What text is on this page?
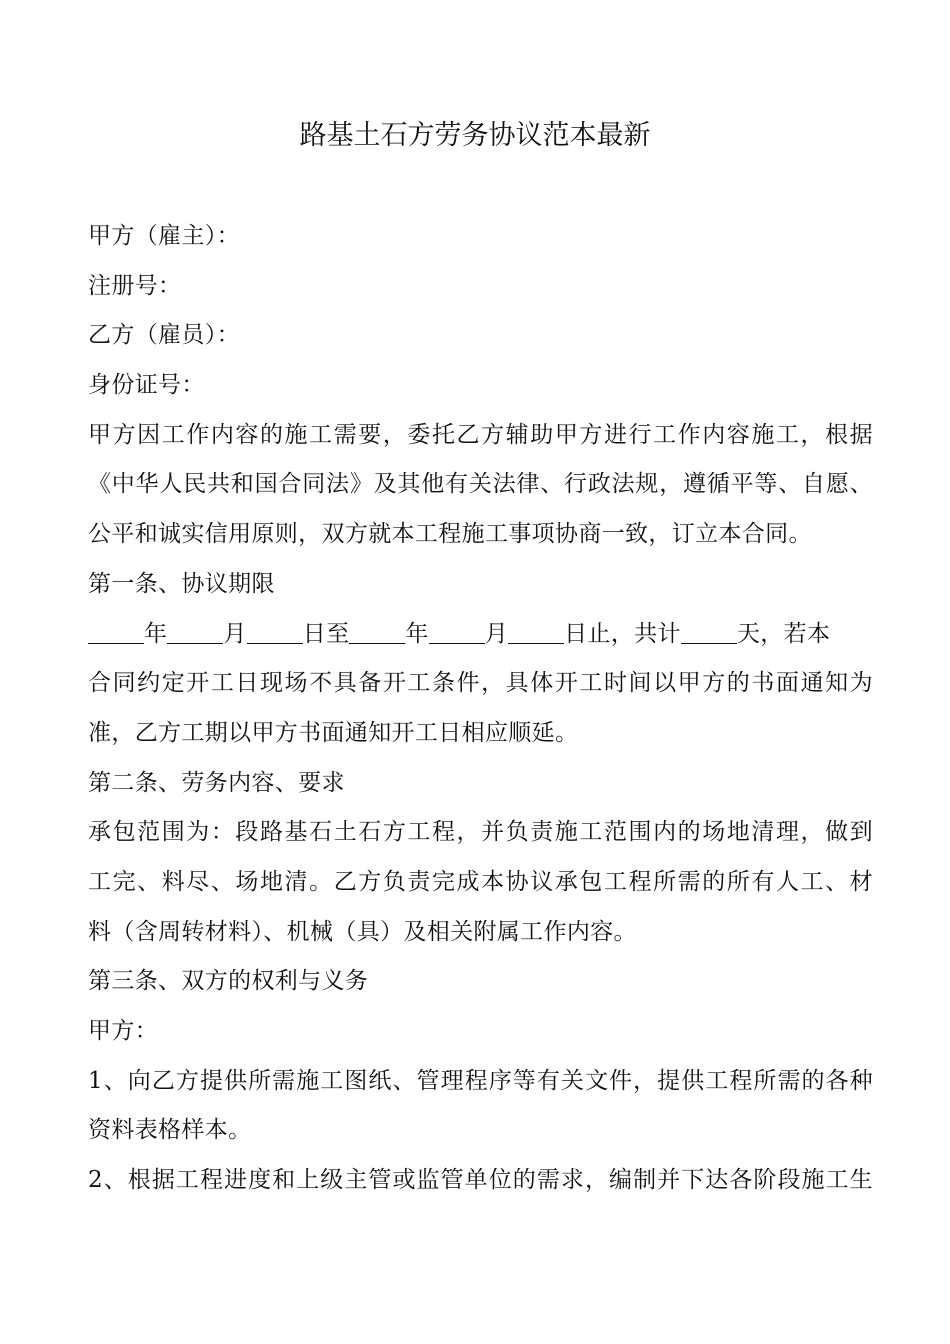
路基土石方劳务协议范本最新

甲方（雇主）：

注册号：

乙方（雇员）：

身份证号：

甲方因工作内容的施工需要，委托乙方辅助甲方进行工作内容施工，根据

《中华人民共和国合同法》及其他有关法律、行政法规，遵循平等、自愿、

公平和诚实信用原则，双方就本工程施工事项协商一致，订立本合同。

第一条、协议期限

年 月 日至 年 月 日止，共计 天，若本

合同约定开工日现场不具备开工条件，具体开工时间以甲方的书面通知为

准，乙方工期以甲方书面通知开工日相应顺延。

第二条、劳务内容、要求

承包范围为：段路基石土石方工程，并负责施工范围内的场地清理，做到

工完、料尽、场地清。乙方负责完成本协议承包工程所需的所有人工、材

料（含周转材料）、机械（具）及相关附属工作内容。

第三条、双方的权利与义务

甲方：

1、向乙方提供所需施工图纸、管理程序等有关文件，提供工程所需的各种

资料表格样本。

2、根据工程进度和上级主管或监管单位的需求，编制并下达各阶段施工生
